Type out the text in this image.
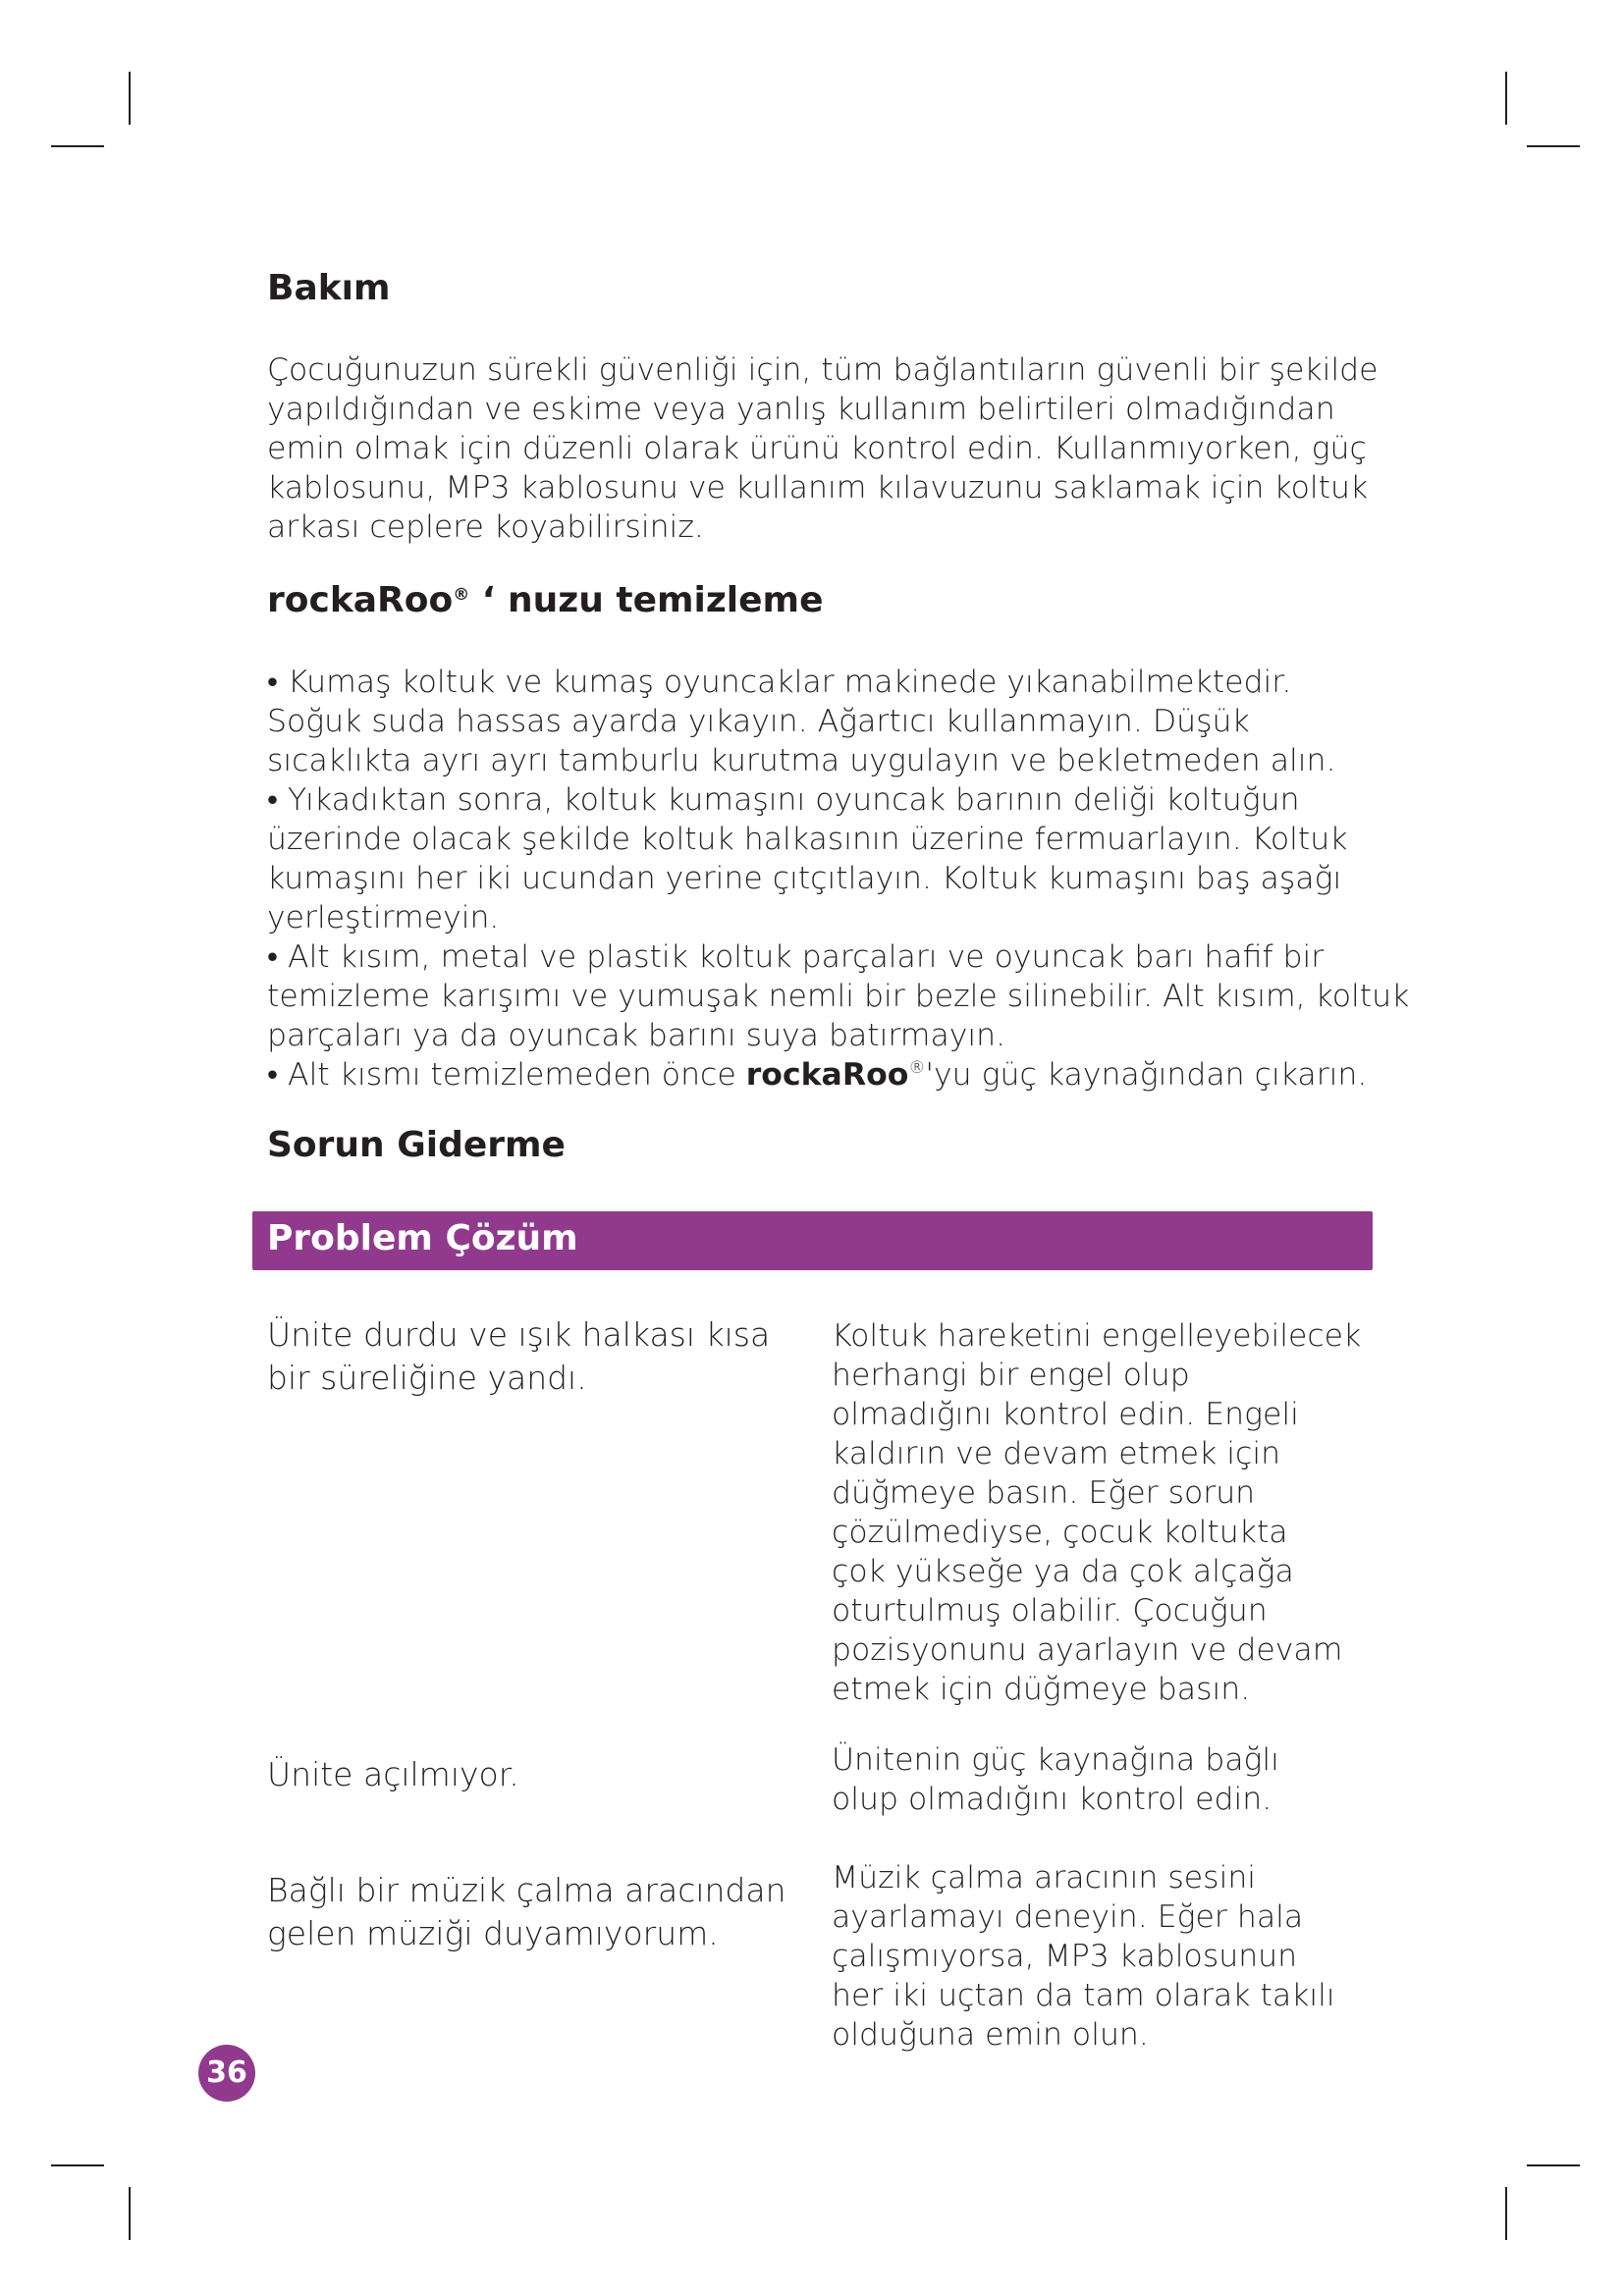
Bakım
Çocuğunuzun sürekli güvenliği için, tüm bağlantıların güvenli bir şekilde
yapıldığından ve eskime veya yanlış kullanım belirtileri olmadığından
emin olmak için düzenli olarak ürünü kontrol edin. Kullanmıyorken, güç
kablosunu, MP3 kablosunu ve kullanım kılavuzunu saklamak için koltuk
arkası ceplere koyabilirsiniz.
rockaRoo® ‘ nuzu temizleme
• Kumaş koltuk ve kumaş oyuncaklar makinede yıkanabilmektedir.
Soğuk suda hassas ayarda yıkayın. Ağartıcı kullanmayın. Düşük
sıcaklıkta ayrı ayrı tamburlu kurutma uygulayın ve bekletmeden alın.
• Yıkadıktan sonra, koltuk kumaşını oyuncak barının deliği koltuğun
üzerinde olacak şekilde koltuk halkasının üzerine fermuarlayın. Koltuk
kumaşını her iki ucundan yerine çıtçıtlayın. Koltuk kumaşını baş aşağı
yerleştirmeyin.
• Alt kısım, metal ve plastik koltuk parçaları ve oyuncak barı hafif bir
temizleme karışımı ve yumuşak nemli bir bezle silinebilir. Alt kısım, koltuk
parçaları ya da oyuncak barını suya batırmayın.
• Alt kısmı temizlemeden önce rockaRoo®'yu güç kaynağından çıkarın.
Sorun Giderme
Problem Çözüm
Ünite durdu ve ışık halkası kısa
bir süreliğine yandı.
Koltuk hareketini engelleyebilecek
herhangi bir engel olup
olmadığını kontrol edin. Engeli
kaldırın ve devam etmek için
düğmeye basın. Eğer sorun
çözülmediyse, çocuk koltukta
çok yükseğe ya da çok alçağa
oturtulmuş olabilir. Çocuğun
pozisyonunu ayarlayın ve devam
etmek için düğmeye basın.
Ünite açılmıyor.	Ünitenin güç kaynağına bağlı
olup olmadığını kontrol edin.
Bağlı bir müzik çalma aracından
gelen müziği duyamıyorum.
Müzik çalma aracının sesini
ayarlamayı deneyin. Eğer hala
çalışmıyorsa, MP3 kablosunun
her iki uçtan da tam olarak takılı
olduğuna emin olun.
36
